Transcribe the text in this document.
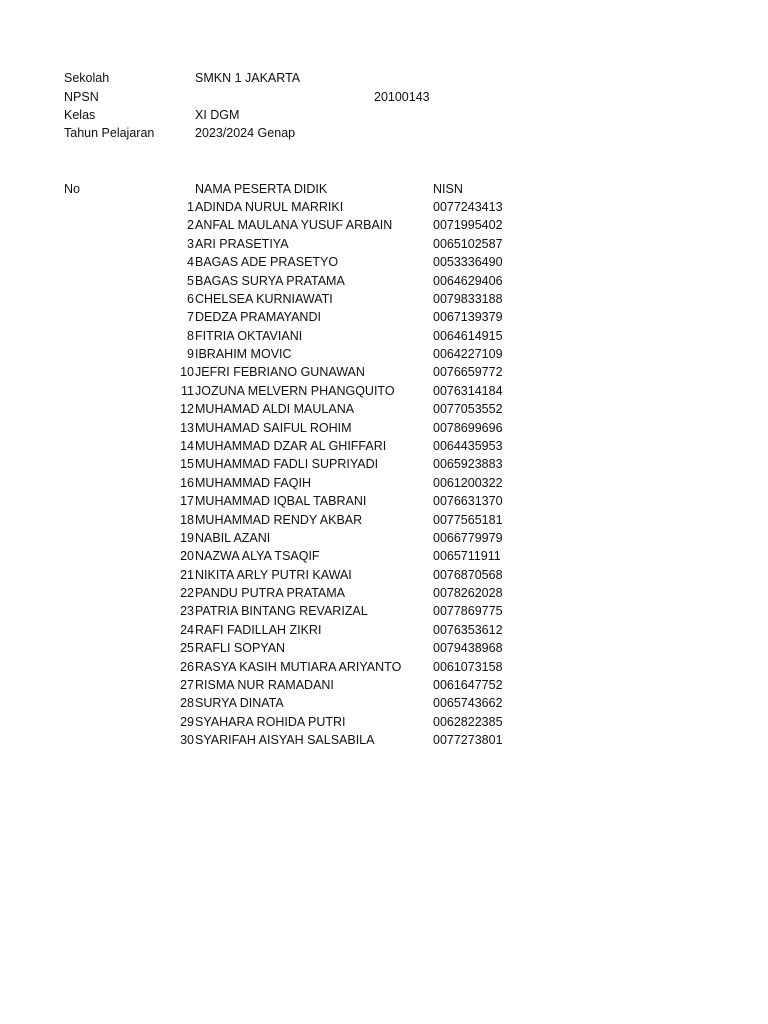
Sekolah	SMKN 1 JAKARTA
NPSN	20100143
Kelas	XI DGM
Tahun Pelajaran	2023/2024 Genap
No	NAMA PESERTA DIDIK	NISN
1 ADINDA NURUL MARRIKI	0077243413
2 ANFAL MAULANA YUSUF ARBAIN	0071995402
3 ARI PRASETIYA	0065102587
4 BAGAS ADE PRASETYO	0053336490
5 BAGAS SURYA PRATAMA	0064629406
6 CHELSEA KURNIAWATI	0079833188
7 DEDZA PRAMAYANDI	0067139379
8 FITRIA OKTAVIANI	0064614915
9 IBRAHIM MOVIC	0064227109
10 JEFRI FEBRIANO GUNAWAN	0076659772
11 JOZUNA MELVERN PHANGQUITO	0076314184
12 MUHAMAD ALDI MAULANA	0077053552
13 MUHAMAD SAIFUL ROHIM	0078699696
14 MUHAMMAD DZAR AL GHIFFARI	0064435953
15 MUHAMMAD FADLI SUPRIYADI	0065923883
16 MUHAMMAD FAQIH	0061200322
17 MUHAMMAD IQBAL TABRANI	0076631370
18 MUHAMMAD RENDY AKBAR	0077565181
19 NABIL AZANI	0066779979
20 NAZWA ALYA TSAQIF	0065711911
21 NIKITA ARLY PUTRI KAWAI	0076870568
22 PANDU PUTRA PRATAMA	0078262028
23 PATRIA BINTANG REVARIZAL	0077869775
24 RAFI FADILLAH ZIKRI	0076353612
25 RAFLI SOPYAN	0079438968
26 RASYA KASIH MUTIARA ARIYANTO	0061073158
27 RISMA NUR RAMADANI	0061647752
28 SURYA DINATA	0065743662
29 SYAHARA ROHIDA PUTRI	0062822385
30 SYARIFAH AISYAH SALSABILA	0077273801
